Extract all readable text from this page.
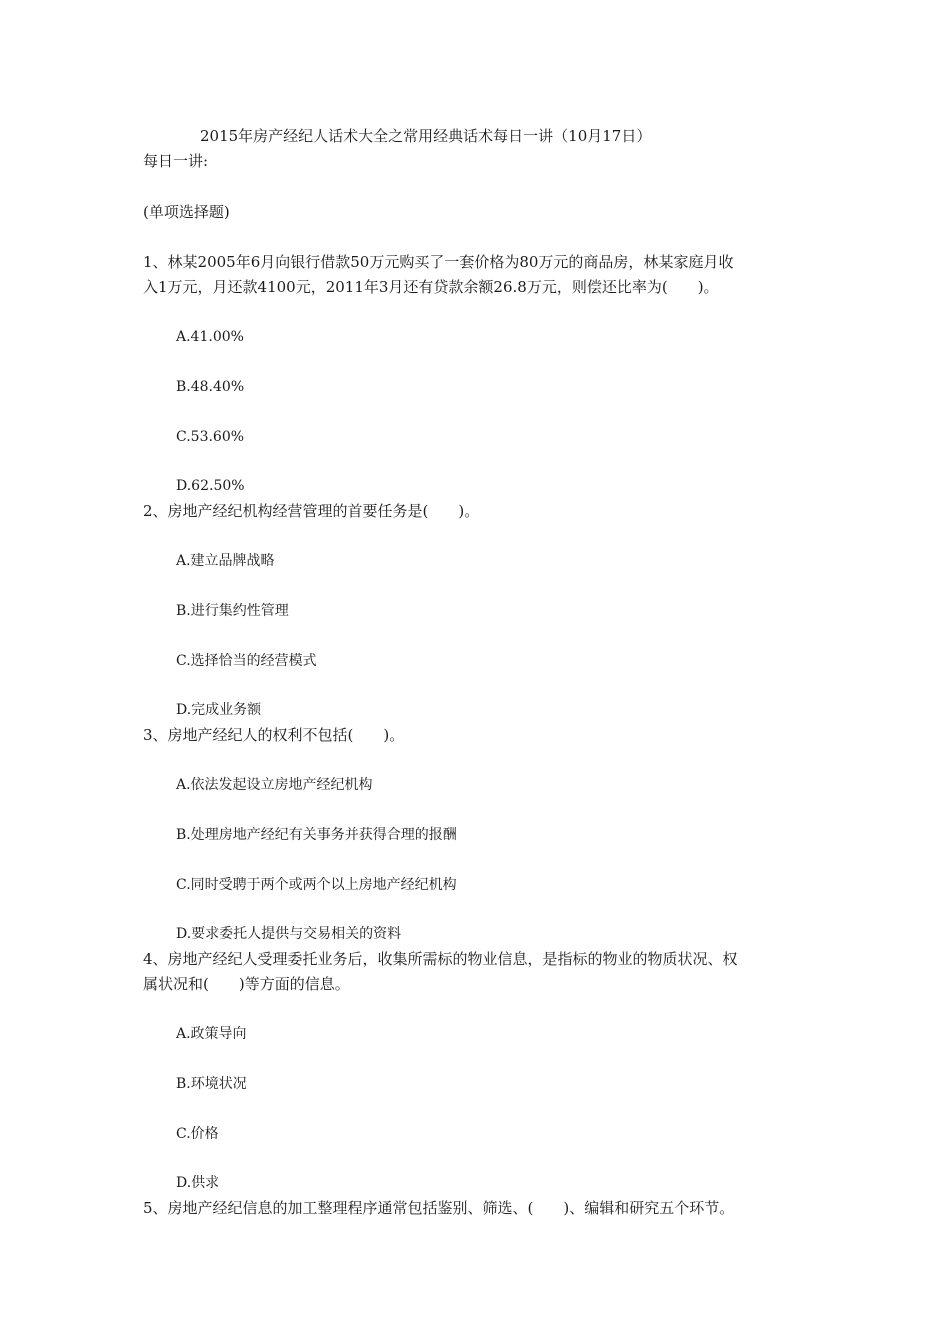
2015年房产经纪人话术大全之常用经典话术每日一讲（10月17日）
每日一讲:
(单项选择题)
1、林某2005年6月向银行借款50万元购买了一套价格为80万元的商品房，林某家庭月收
入1万元，月还款4100元，2011年3月还有贷款余额26.8万元，则偿还比率为(　　)。
A.41.00%
B.48.40%
C.53.60%
D.62.50%
2、房地产经纪机构经营管理的首要任务是(　　)。
A.建立品牌战略
B.进行集约性管理
C.选择恰当的经营模式
D.完成业务额
3、房地产经纪人的权利不包括(　　)。
A.依法发起设立房地产经纪机构
B.处理房地产经纪有关事务并获得合理的报酬
C.同时受聘于两个或两个以上房地产经纪机构
D.要求委托人提供与交易相关的资料
4、房地产经纪人受理委托业务后，收集所需标的物业信息，是指标的物业的物质状况、权
属状况和(　　)等方面的信息。
A.政策导向
B.环境状况
C.价格
D.供求
5、房地产经纪信息的加工整理程序通常包括鉴别、筛选、(　　)、编辑和研究五个环节。
